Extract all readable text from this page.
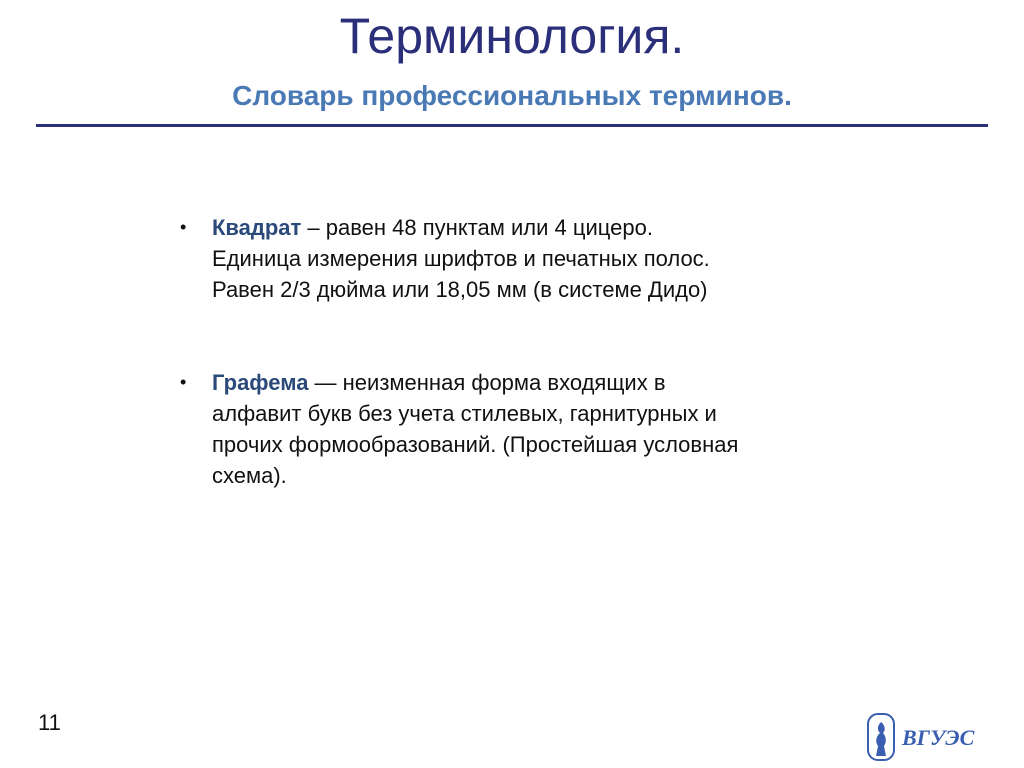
Терминология.
Словарь профессиональных терминов.
• Квадрат – равен 48 пунктам или 4 цицеро.
Единица измерения шрифтов и печатных полос.
Равен 2/3 дюйма или 18,05 мм (в системе Дидо)
• Графема — неизменная форма входящих в
алфавит букв без учета стилевых, гарнитурных и
прочих формообразований. (Простейшая условная
схема).
11
ВГУЭС
